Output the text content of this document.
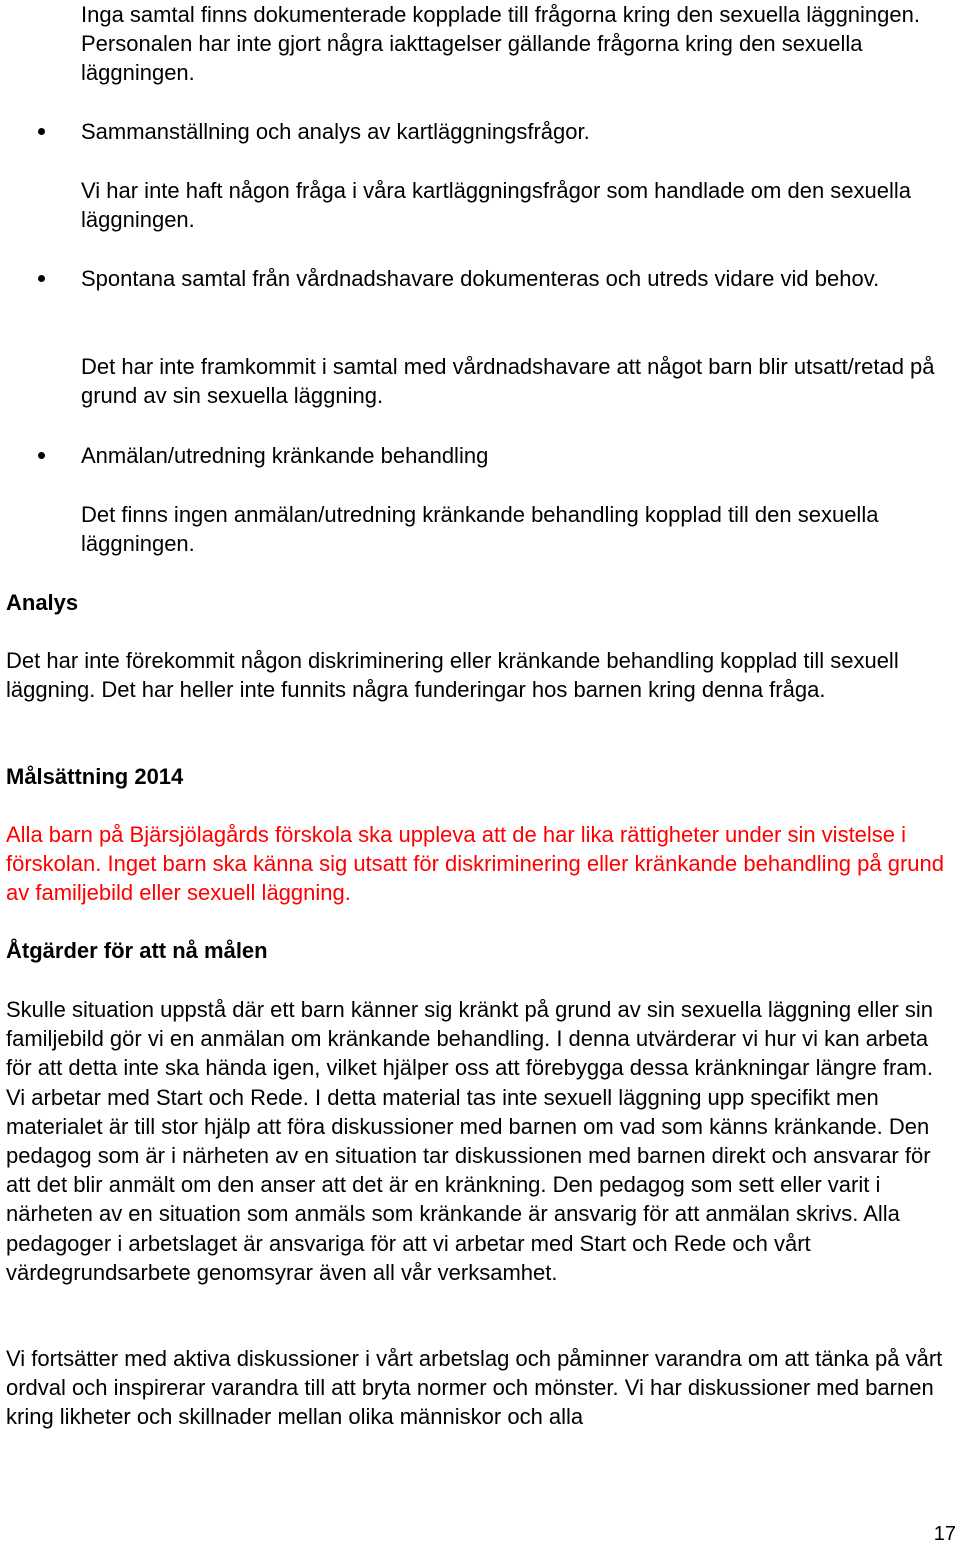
Inga samtal finns dokumenterade kopplade till frågorna kring den sexuella läggningen. Personalen har inte gjort några iakttagelser gällande frågorna kring den sexuella läggningen.

Sammanställning och analys av kartläggningsfrågor.

Vi har inte haft någon fråga i våra kartläggningsfrågor som handlade om den sexuella läggningen.

Spontana samtal från vårdnadshavare dokumenteras och utreds vidare vid behov.

Det har inte framkommit i samtal med vårdnadshavare att något barn blir utsatt/retad på grund av sin sexuella läggning.

Anmälan/utredning kränkande behandling

Det finns ingen anmälan/utredning kränkande behandling kopplad till den sexuella läggningen.

Analys

Det har inte förekommit någon diskriminering eller kränkande behandling kopplad till sexuell läggning. Det har heller inte funnits några funderingar hos barnen kring denna fråga.

Målsättning 2014

Alla barn på Bjärsjölagårds förskola ska uppleva att de har lika rättigheter under sin vistelse i förskolan. Inget barn ska känna sig utsatt för diskriminering eller kränkande behandling på grund av familjebild eller sexuell läggning.

Åtgärder för att nå målen

Skulle situation uppstå där ett barn känner sig kränkt på grund av sin sexuella läggning eller sin familjebild gör vi en anmälan om kränkande behandling. I denna utvärderar vi hur vi kan arbeta för att detta inte ska hända igen, vilket hjälper oss att förebygga dessa kränkningar längre fram. Vi arbetar med Start och Rede. I detta material tas inte sexuell läggning upp specifikt men materialet är till stor hjälp att föra diskussioner med barnen om vad som känns kränkande. Den pedagog som är i närheten av en situation tar diskussionen med barnen direkt och ansvarar för att det blir anmält om den anser att det är en kränkning. Den pedagog som sett eller varit i närheten av en situation som anmäls som kränkande är ansvarig för att anmälan skrivs. Alla pedagoger i arbetslaget är ansvariga för att vi arbetar med Start och Rede och vårt värdegrundsarbete genomsyrar även all vår verksamhet.

Vi fortsätter med aktiva diskussioner i vårt arbetslag och påminner varandra om att tänka på vårt ordval och inspirerar varandra till att bryta normer och mönster. Vi har diskussioner med barnen kring likheter och skillnader mellan olika människor och alla

17
